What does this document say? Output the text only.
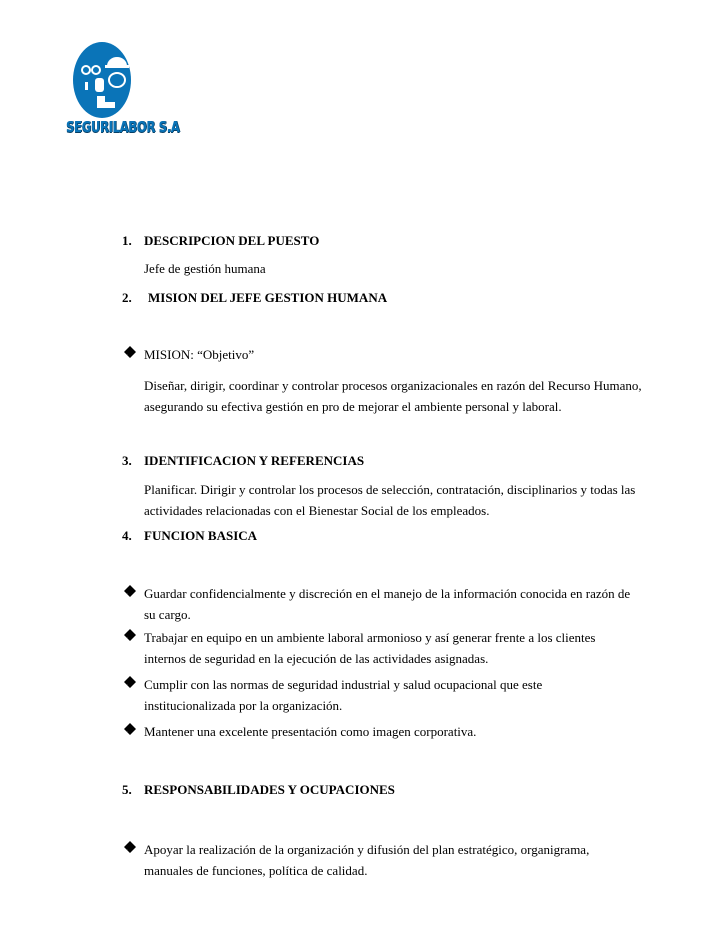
SEGURILABOR S.A
1. DESCRIPCION DEL PUESTO
Jefe de gestión humana
2. MISION DEL JEFE GESTION HUMANA
MISION: “Objetivo”
Diseñar, dirigir, coordinar y controlar procesos organizacionales en razón del Recurso Humano, asegurando su efectiva gestión en pro de mejorar el ambiente personal y laboral.
3. IDENTIFICACION Y REFERENCIAS
Planificar. Dirigir y controlar los procesos de selección, contratación, disciplinarios y todas las actividades relacionadas con el Bienestar Social de los empleados.
4. FUNCION BASICA
Guardar confidencialmente y discreción en el manejo de la información conocida en razón de su cargo.
Trabajar en equipo en un ambiente laboral armonioso y así generar frente a los clientes internos de seguridad en la ejecución de las actividades asignadas.
Cumplir con las normas de seguridad industrial y salud ocupacional que este institucionalizada por la organización.
Mantener una excelente presentación como imagen corporativa.
5. RESPONSABILIDADES Y OCUPACIONES
Apoyar la realización de la organización y difusión del plan estratégico, organigrama, manuales de funciones, política de calidad.
